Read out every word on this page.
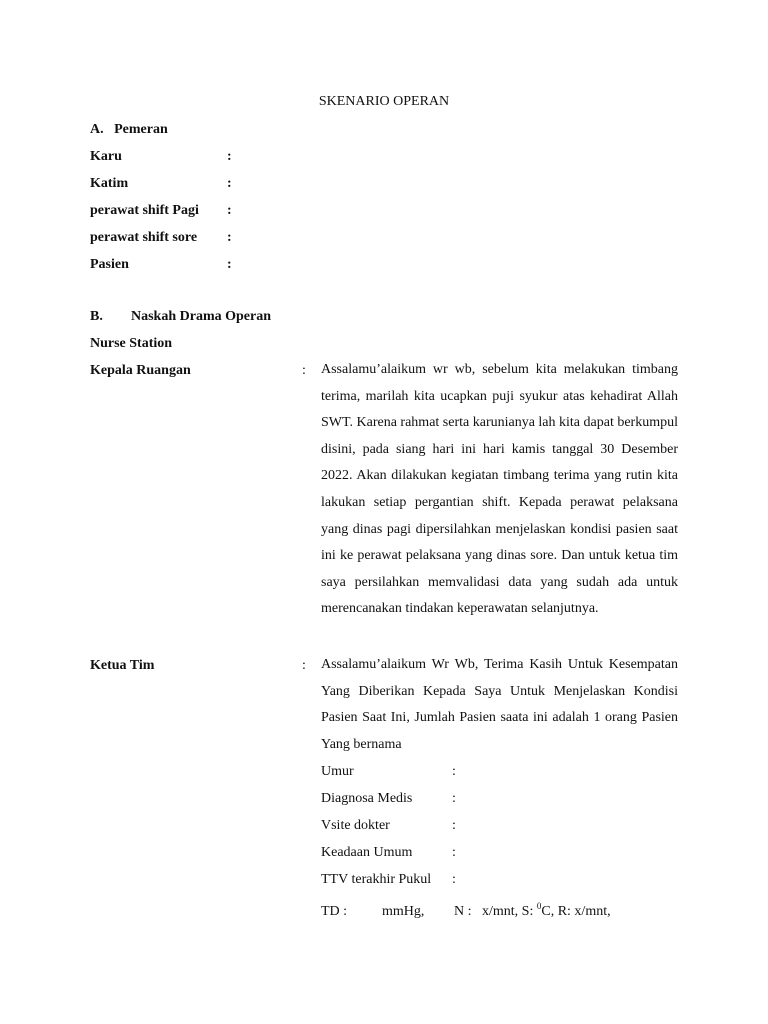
SKENARIO OPERAN
A.   Pemeran
Karu	:
Katim	:
perawat shift Pagi :
perawat shift sore :
Pasien	:
B. Naskah Drama Operan
Nurse Station
Kepala Ruangan	: Assalamu’alaikum wr wb, sebelum kita melakukan timbang terima, marilah kita ucapkan puji syukur atas kehadirat Allah SWT. Karena rahmat serta karunianya lah kita dapat berkumpul disini, pada siang hari ini hari kamis tanggal 30 Desember 2022. Akan dilakukan kegiatan timbang terima yang rutin kita lakukan setiap pergantian shift. Kepada perawat pelaksana yang dinas pagi dipersilahkan menjelaskan kondisi pasien saat ini ke perawat pelaksana yang dinas sore. Dan untuk ketua tim saya persilahkan memvalidasi data yang sudah ada untuk merencanakan tindakan keperawatan selanjutnya.
Ketua Tim	: Assalamu’alaikum Wr Wb, Terima Kasih Untuk Kesempatan Yang Diberikan Kepada Saya Untuk Menjelaskan Kondisi Pasien Saat Ini, Jumlah Pasien saata ini adalah 1 orang Pasien Yang bernama
Umur	:
Diagnosa Medis	:
Vsite dokter	:
Keadaan Umum	:
TTV terakhir Pukul :
TD : mmHg, N : x/mnt, S: $^0$C, R: x/mnt,
